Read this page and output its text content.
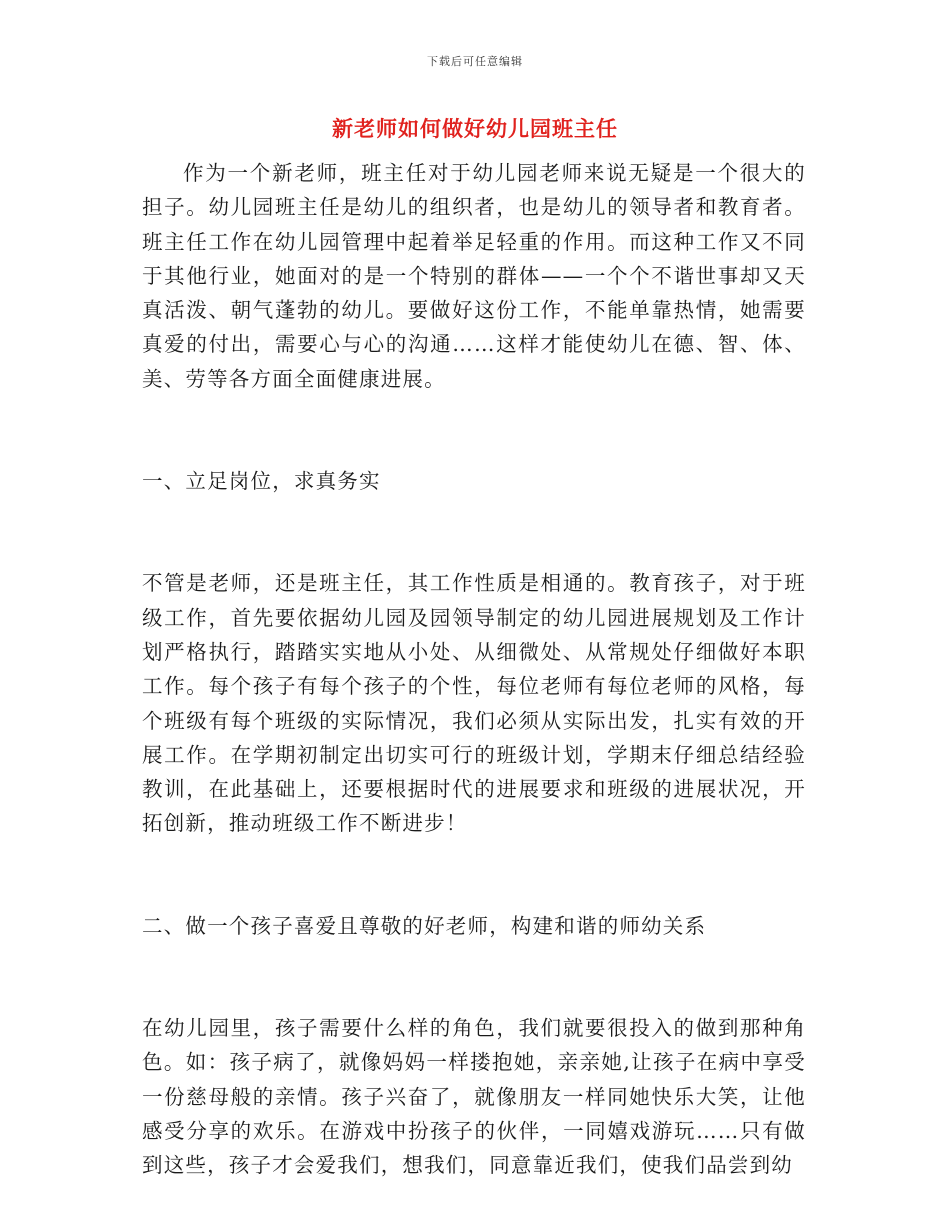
下载后可任意编辑
新老师如何做好幼儿园班主任

作为一个新老师，班主任对于幼儿园老师来说无疑是一个很大的担子。幼儿园班主任是幼儿的组织者，也是幼儿的领导者和教育者。班主任工作在幼儿园管理中起着举足轻重的作用。而这种工作又不同于其他行业，她面对的是一个特别的群体——一个个不谐世事却又天真活泼、朝气蓬勃的幼儿。要做好这份工作，不能单靠热情，她需要真爱的付出，需要心与心的沟通……这样才能使幼儿在德、智、体、美、劳等各方面全面健康进展。

一、立足岗位，求真务实

不管是老师，还是班主任，其工作性质是相通的。教育孩子，对于班级工作，首先要依据幼儿园及园领导制定的幼儿园进展规划及工作计划严格执行，踏踏实实地从小处、从细微处、从常规处仔细做好本职工作。每个孩子有每个孩子的个性，每位老师有每位老师的风格，每个班级有每个班级的实际情况，我们必须从实际出发，扎实有效的开展工作。在学期初制定出切实可行的班级计划，学期末仔细总结经验教训，在此基础上，还要根据时代的进展要求和班级的进展状况，开拓创新，推动班级工作不断进步！

二、做一个孩子喜爱且尊敬的好老师，构建和谐的师幼关系

在幼儿园里，孩子需要什么样的角色，我们就要很投入的做到那种角色。如：孩子病了，就像妈妈一样搂抱她，亲亲她,让孩子在病中享受一份慈母般的亲情。孩子兴奋了，就像朋友一样同她快乐大笑，让他感受分享的欢乐。在游戏中扮孩子的伙伴，一同嬉戏游玩……只有做到这些，孩子才会爱我们，想我们，同意靠近我们，使我们品尝到幼
